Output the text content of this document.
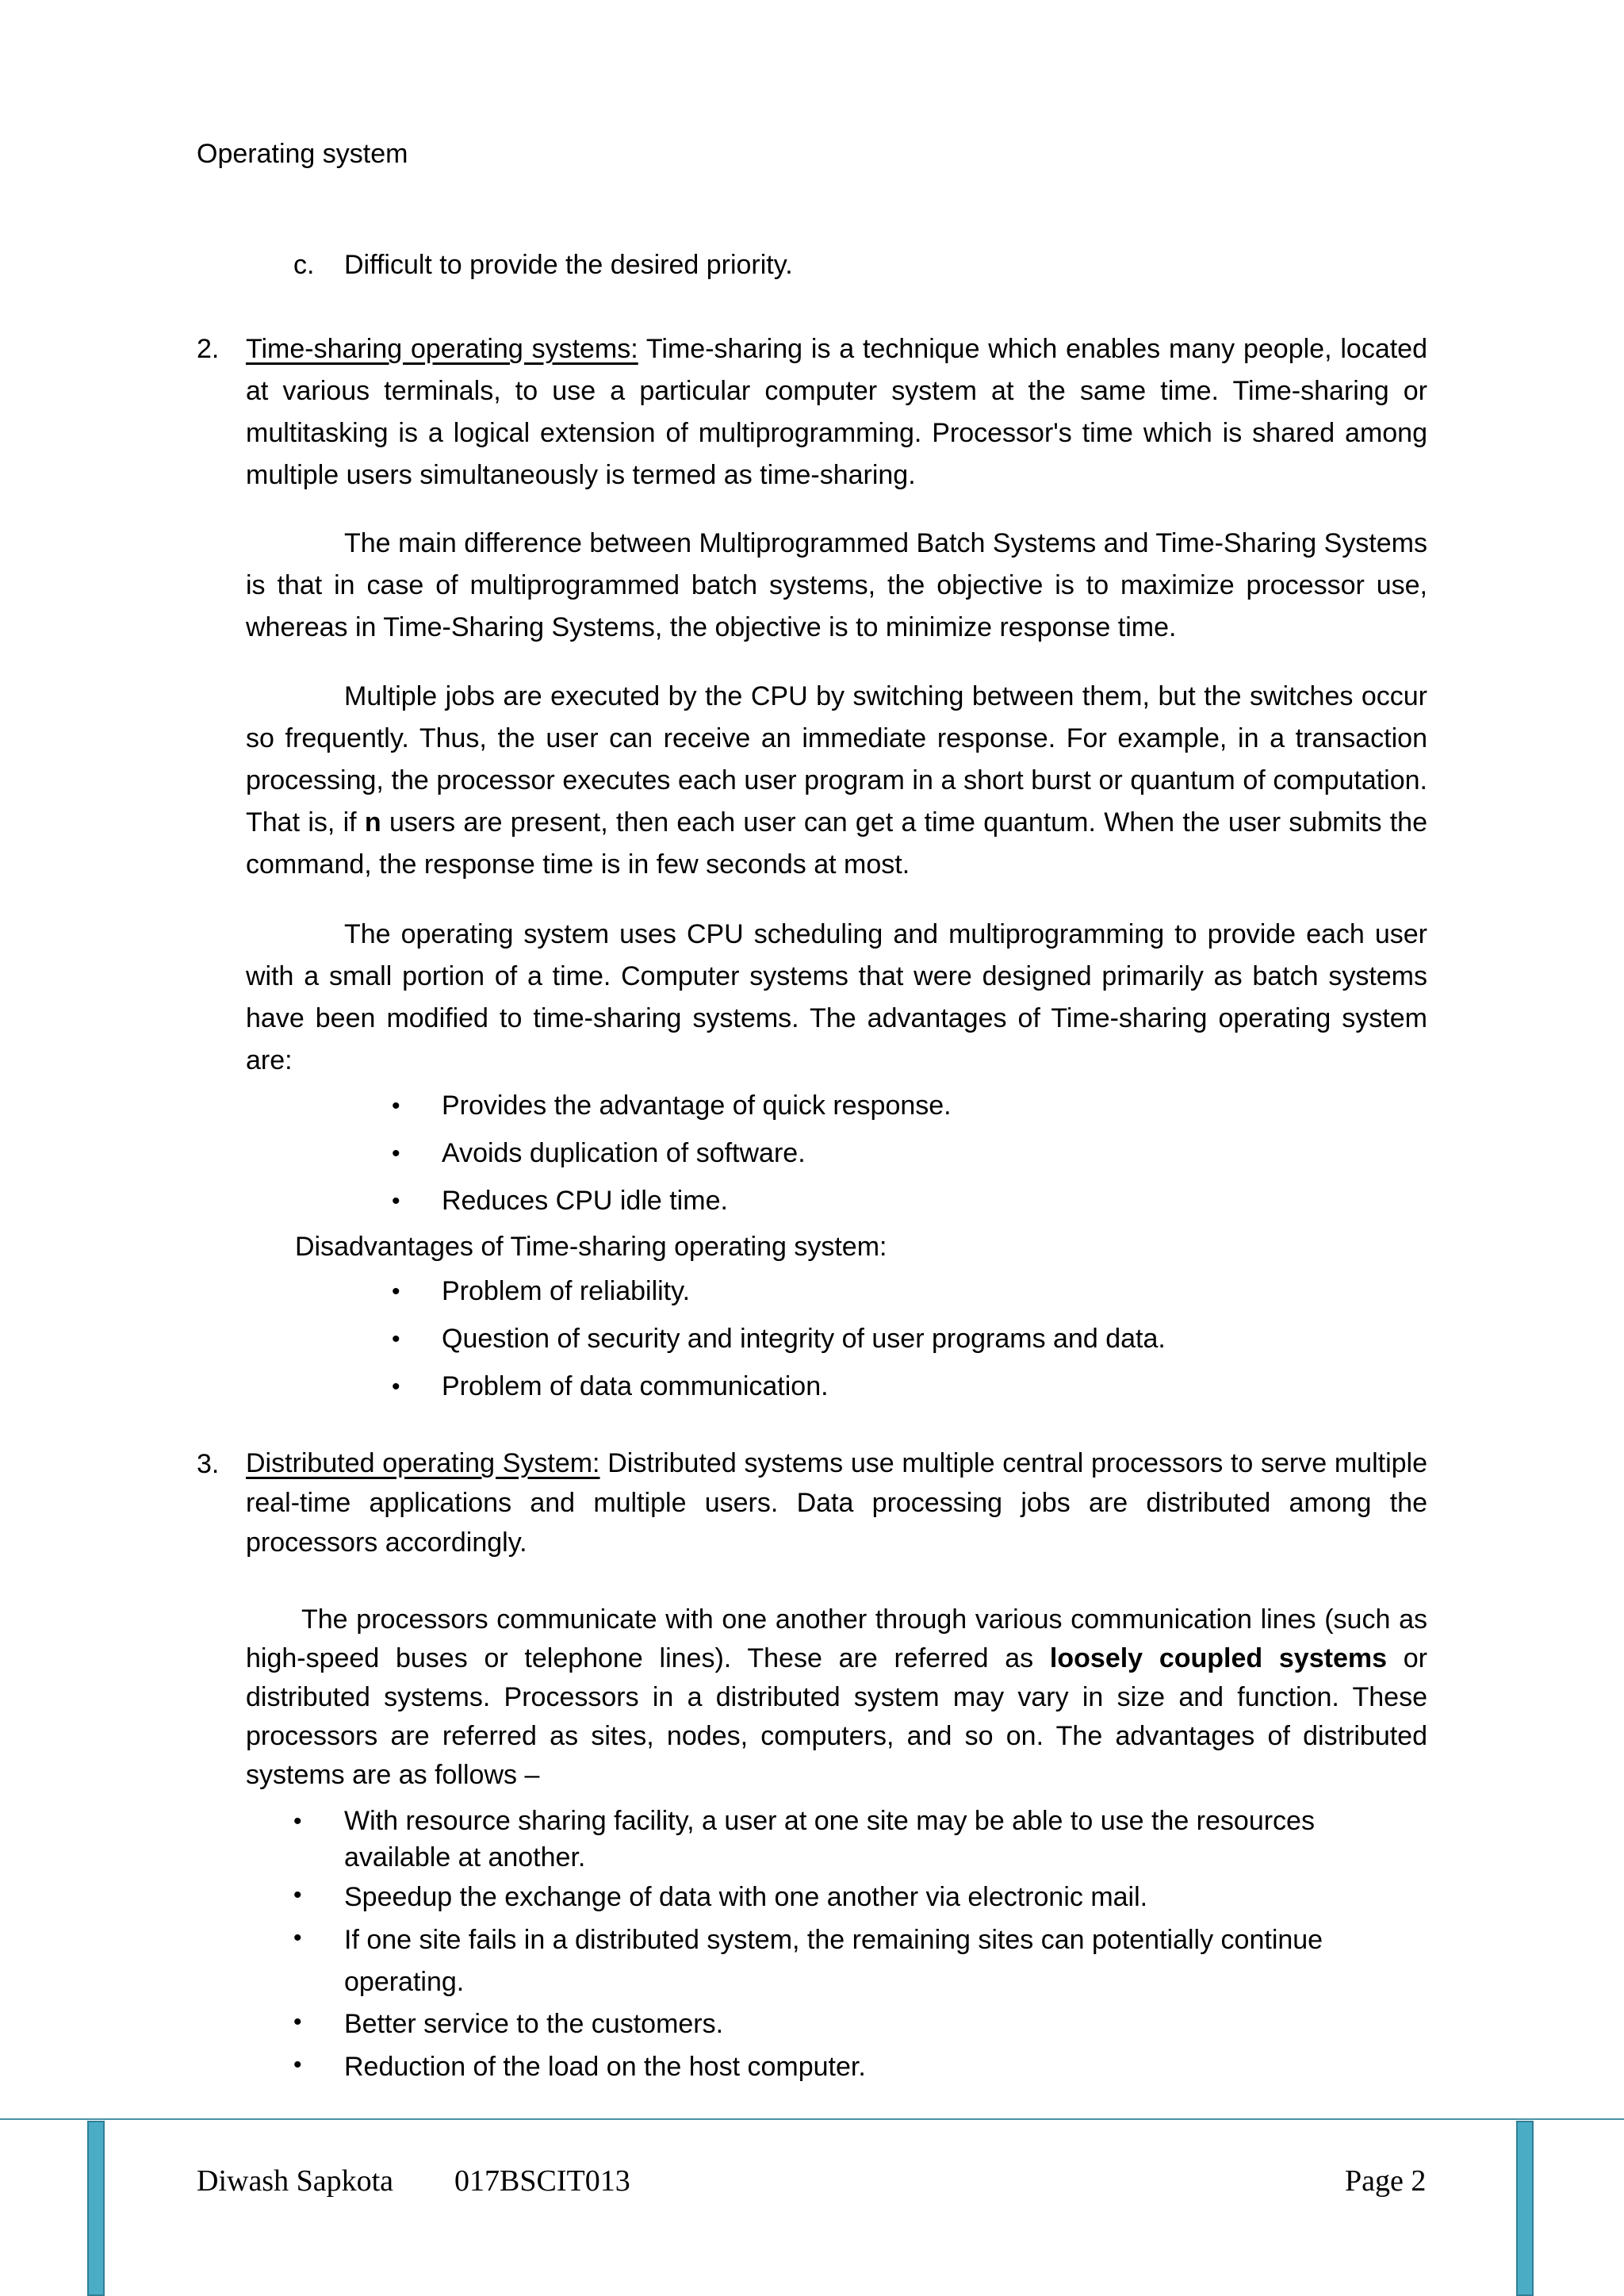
Operating system
c. Difficult to provide the desired priority.
2. Time-sharing operating systems: Time-sharing is a technique which enables many people, located at various terminals, to use a particular computer system at the same time. Time-sharing or multitasking is a logical extension of multiprogramming. Processor's time which is shared among multiple users simultaneously is termed as time-sharing.
The main difference between Multiprogrammed Batch Systems and Time-Sharing Systems is that in case of multiprogrammed batch systems, the objective is to maximize processor use, whereas in Time-Sharing Systems, the objective is to minimize response time.
Multiple jobs are executed by the CPU by switching between them, but the switches occur so frequently. Thus, the user can receive an immediate response. For example, in a transaction processing, the processor executes each user program in a short burst or quantum of computation. That is, if n users are present, then each user can get a time quantum. When the user submits the command, the response time is in few seconds at most.
The operating system uses CPU scheduling and multiprogramming to provide each user with a small portion of a time. Computer systems that were designed primarily as batch systems have been modified to time-sharing systems. The advantages of Time-sharing operating system are:
• Provides the advantage of quick response.
• Avoids duplication of software.
• Reduces CPU idle time.
Disadvantages of Time-sharing operating system:
• Problem of reliability.
• Question of security and integrity of user programs and data.
• Problem of data communication.
3. Distributed operating System: Distributed systems use multiple central processors to serve multiple real-time applications and multiple users. Data processing jobs are distributed among the processors accordingly.
The processors communicate with one another through various communication lines (such as high-speed buses or telephone lines). These are referred as loosely coupled systems or distributed systems. Processors in a distributed system may vary in size and function. These processors are referred as sites, nodes, computers, and so on. The advantages of distributed systems are as follows –
• With resource sharing facility, a user at one site may be able to use the resources available at another.
• Speedup the exchange of data with one another via electronic mail.
• If one site fails in a distributed system, the remaining sites can potentially continue operating.
• Better service to the customers.
• Reduction of the load on the host computer.
Diwash Sapkota 017BSCIT013	Page 2
